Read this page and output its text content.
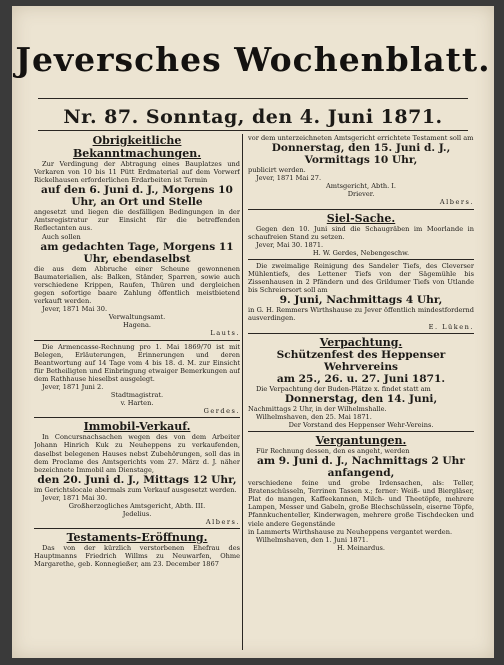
Jeversches Wochenblatt.
Nr. 87. Sonntag, den 4. Juni 1871.
Obrigkeitliche Bekanntmachungen.
Zur Verdingung der Abtragung eines Bauplatzes und Verkaren von 10 bis 11 Pütt Erdmaterial auf dem Vorwerf Rickelhausen erforderlichen Erdarbeiten ist Termin
auf den 6. Juni d. J., Morgens 10 Uhr, an Ort und Stelle
angesetzt und liegen die desfälligen Bedingungen in der Amtsregistratur zur Einsicht für die betreffenden Reflectanten aus.
Auch sollen
am gedachten Tage, Morgens 11 Uhr, ebendaselbst
die aus dem Abbruche einer Scheune gewonnenen Baumaterialien, als: Balken, Ständer, Sparren, sowie auch verschiedene Krippen, Raufen, Thüren und dergleichen gegen sofortige baare Zahlung öffentlich meistbietend verkauft werden.
Jever, 1871 Mai 30.
Verwaltungsamt.
Hagena.
Lauts.
Die Armencasse-Rechnung pro 1. Mai 1869/70 ist mit Belegen, Erläuterungen, Erinnerungen und deren Beantwortung auf 14 Tage vom 4 bis 18. d. M. zur Einsicht für Betheiligten und Einbringung etwaiger Bemerkungen auf dem Rathhause hieselbst ausgelegt.
Jever, 1871 Juni 2.
Stadtmagistrat.
v. Harten.
Gerdes.
Immobil-Verkauf.
In Concursnachsachen wegen des von dem Arbeiter Johann Hinrich Kuk zu Neuheppens zu verkaufenden, daselbst belegenen Hauses nebst Zubehörungen, soll das in dem Proclame des Amtsgerichts vom 27. März d. J. näher bezeichnete Immobil am Dienstage,
den 20. Juni d. J., Mittags 12 Uhr,
im Gerichtslocale abermals zum Verkauf ausgesetzt werden.
Jever, 1871 Mai 30.
Großherzogliches Amtsgericht, Abth. III.
Jedelius.
Albers.
Testaments-Eröffnung.
Das von der kürzlich verstorbenen Ehefrau des Hauptmanns Friedrich Willms zu Neuwarfen, Ohme Margarethe, geb. Konnegießer, am 23. December 1867
vor dem unterzeichneten Amtsgericht errichtete Testament soll am
Donnerstag, den 15. Juni d. J., Vormittags 10 Uhr,
publicirt werden.
Jever, 1871 Mai 27.
Amtsgericht, Abth. I.
Driever.
Albers.
Siel-Sache.
Gegen den 10. Juni sind die Schaugräben im Moorlande in schaufreien Stand zu setzen.
Jever, Mai 30. 1871.
H. W. Gerdes, Nebengeschw.
Die zweimalige Reinigung des Sandeler Tiefs, des Cleverser Mühlentiefs, des Lettener Tiefs von der Sägemühle bis Zissenhausen in 2 Pfändern und des Grildumer Tiefs von Utlande bis Schreiersort soll am
9. Juni, Nachmittags 4 Uhr,
in G. H. Remmers Wirthshause zu Jever öffentlich mindestfordernd ausverdingen.
E. Lüken.
Verpachtung.
Schützenfest des Heppenser Wehrvereins
am 25., 26. u. 27. Juni 1871.
Die Verpachtung der Buden-Plätze x. findet statt am
Donnerstag, den 14. Juni,
Nachmittags 2 Uhr, in der Wilhelmshalle.
Wilhelmshaven, den 25. Mai 1871.
Der Vorstand des Heppenser Wehr-Vereins.
Vergantungen.
Für Rechnung dessen, den es angeht, werden
am 9. Juni d. J., Nachmittags 2 Uhr anfangend,
verschiedene feine und grobe Irdensachen, als: Teller, Bratenschüsseln, Terrinen Tassen x.; ferner: Weiß- und Biergläser, Plat do mangen, Kaffeekannen, Milch- und Theetöpfe, mehrere Lampen, Messer und Gabeln, große Blechschüsseln, eiserne Töpfe, Pfannkuchenteller, Kinderwagen, mehrere große Tischdecken und viele andere Gegenstände
in Lammerts Wirthshause zu Neuheppens vergantet werden.
Wilhelmshaven, den 1. Juni 1871.
H. Meinardus.
